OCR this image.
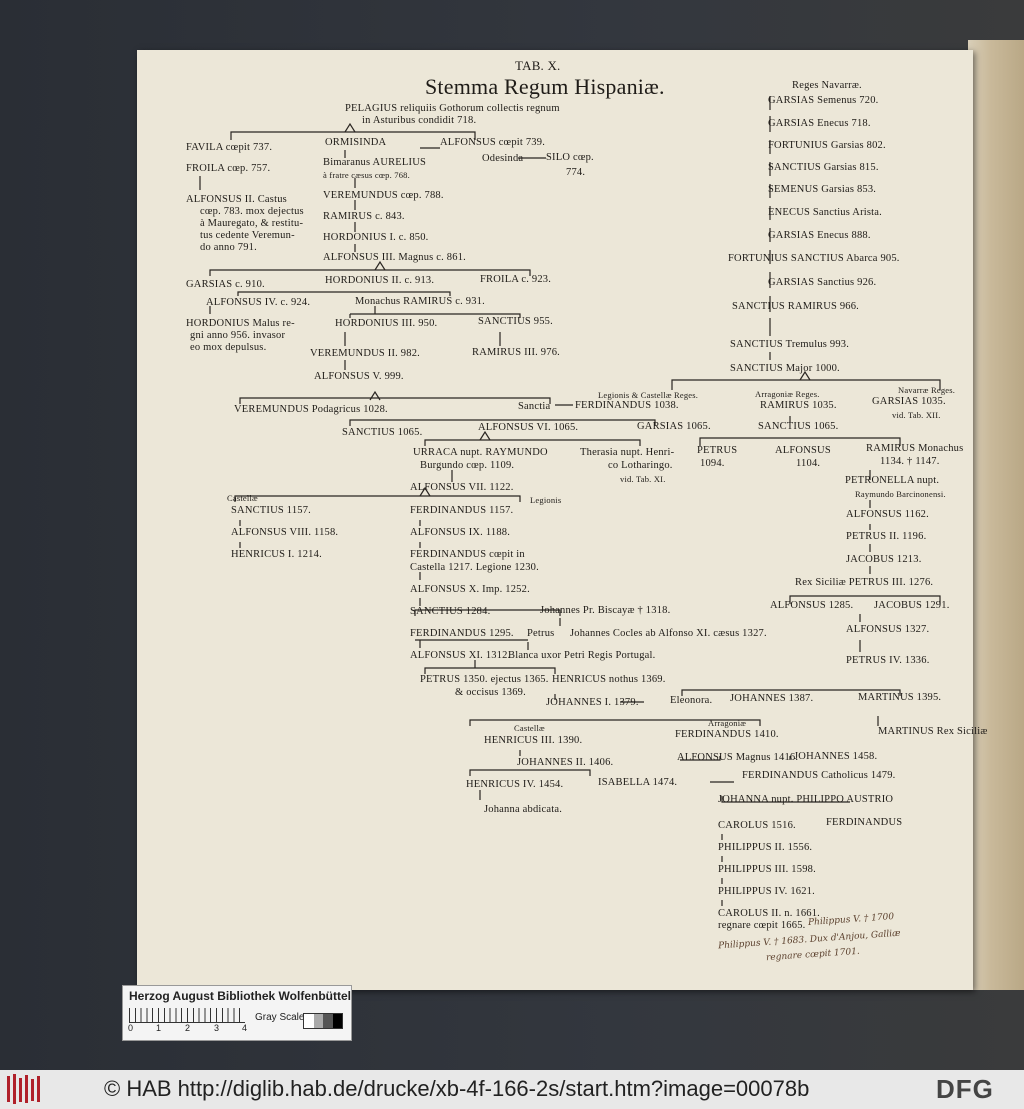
TAB. X.
Stemma Regum Hispaniæ.
PELAGIUS reliquiis Gothorum collectis regnum
in Asturibus condidit 718.
FAVILA cœpit 737.	ORMISINDA	ALFONSUS cœpit 739.
FROILA cœp. 757.
Bimaranus AURELIUS
à fratre cæsus cœp. 768.
Odesinda SILO cœp.
774.
ALFONSUS II. Castus
cœp. 783. mox dejectus
à Mauregato, & restitu-
tus cedente Veremun-
do anno 791.
VEREMUNDUS cœp. 788.
RAMIRUS c. 843.
HORDONIUS I. c. 850.
ALFONSUS III. Magnus c. 861.
GARSIAS c. 910.	HORDONIUS II. c. 913.	FROILA c. 923.
ALFONSUS IV. c. 924.	Monachus RAMIRUS c. 931.
HORDONIUS Malus re-
gni anno 956. invasor
eo mox depulsus.
HORDONIUS III. 950.	SANCTIUS 955.
VEREMUNDUS II. 982.	RAMIRUS III. 976.
ALFONSUS V. 999.
VEREMUNDUS Podagricus 1028.	Sanctia
Legionis & Castellæ Reges.
FERDINANDUS 1038.
SANCTIUS 1065.	ALFONSUS VI. 1065.	GARSIAS 1065.
URRACA nupt. RAYMUNDO
Burgundo cœp. 1109.
Therasia nupt. Henri-
co Lotharingo.
vid. Tab. XI.
ALFONSUS VII. 1122.
Castellæ	Legionis
SANCTIUS 1157.	FERDINANDUS 1157.
ALFONSUS VIII. 1158.	ALFONSUS IX. 1188.
HENRICUS I. 1214.	FERDINANDUS cœpit in
Castella 1217. Legione 1230.
ALFONSUS X. Imp. 1252.
SANCTIUS 1284.	Johannes Pr. Biscayæ † 1318.
FERDINANDUS 1295. Petrus Johannes Cocles ab Alfonso XI. cæsus 1327.
ALFONSUS XI. 1312.
Blanca uxor Petri Regis Portugal.
PETRUS 1350. ejectus 1365.
& occisus 1369.
HENRICUS nothus 1369.
JOHANNES I. 1379.	Eleonora. JOHANNES 1387.	MARTINUS 1395.
Castellæ	Arragoniæ
HENRICUS III. 1390.
FERDINANDUS 1410.	MARTINUS Rex Siciliæ
JOHANNES II. 1406.	ALFONSUS Magnus 1416.
JOHANNES 1458.
HENRICUS IV. 1454.	ISABELLA 1474.
FERDINANDUS Catholicus 1479.
Johanna abdicata.
JOHANNA nupt. PHILIPPO AUSTRIO
CAROLUS 1516.	FERDINANDUS
PHILIPPUS II. 1556.
PHILIPPUS III. 1598.
PHILIPPUS IV. 1621.
CAROLUS II. n. 1661.
regnare cœpit 1665. Philippus V. † 1700
Philippus V. † 1683. Dux d'Anjou, Galliæ
regnare cœpit 1701.
Reges Navarræ.
GARSIAS Semenus 720.
GARSIAS Enecus 718.
FORTUNIUS Garsias 802.
SANCTIUS Garsias 815.
SEMENUS Garsias 853.
ENECUS Sanctius Arista.
GARSIAS Enecus 888.
FORTUNIUS SANCTIUS Abarca 905.
GARSIAS Sanctius 926.
SANCTIUS RAMIRUS 966.
SANCTIUS Tremulus 993.
SANCTIUS Major 1000.
Arragoniæ Reges.	Navarræ Reges.
RAMIRUS 1035.	GARSIAS 1035.
vid. Tab. XII.
SANCTIUS 1065.
PETRUS
1094.
ALFONSUS
1104.
RAMIRUS Monachus
1134. † 1147.
PETRONELLA nupt.
Raymundo Barcinonensi.
ALFONSUS 1162.
PETRUS II. 1196.
JACOBUS 1213.
Rex Siciliæ PETRUS III. 1276.
ALFONSUS 1285. JACOBUS 1291.
ALFONSUS 1327.
PETRUS IV. 1336.
Herzog August Bibliothek Wolfenbüttel
0	1	2	3	4
Gray Scale
© HAB http://diglib.hab.de/drucke/xb-4f-166-2s/start.htm?image=00078b	DFG
